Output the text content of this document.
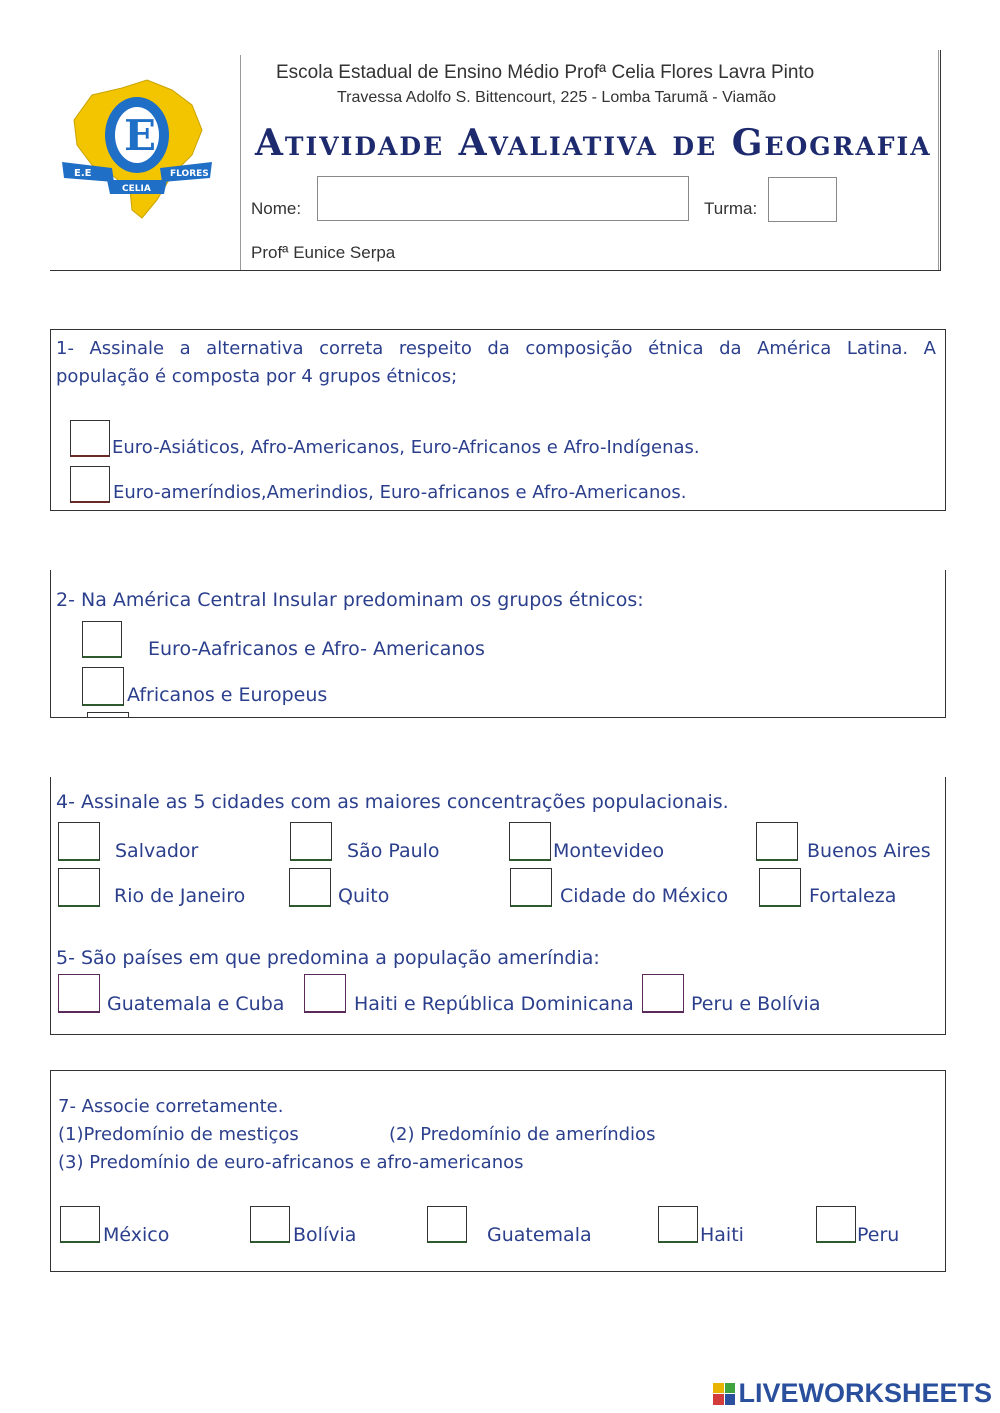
E
E.E	FLORES
CELIA
Escola Estadual de Ensino Médio Profª Celia Flores Lavra Pinto
Travessa Adolfo S. Bittencourt, 225 - Lomba Tarumã - Viamão
Atividade Avaliativa de Geografia
Nome:	Turma:
Profª Eunice Serpa
1- Assinale a alternativa correta respeito da composição étnica da América Latina. A
população é composta por 4 grupos étnicos;
Euro-Asiáticos, Afro-Americanos, Euro-Africanos e Afro-Indígenas.
Euro-ameríndios,Amerindios, Euro-africanos e Afro-Americanos.
2- Na América Central Insular predominam os grupos étnicos:
Euro-Aafricanos e Afro- Americanos
Africanos e Europeus
4- Assinale as 5 cidades com as maiores concentrações populacionais.
Salvador	São Paulo	Montevideo	Buenos Aires
Rio de Janeiro	Quito	Cidade do México	Fortaleza
5- São países em que predomina a população ameríndia:
Guatemala e Cuba	Haiti e República Dominicana	Peru e Bolívia
7- Associe corretamente.
(1)Predomínio de mestiços	(2) Predomínio de ameríndios
(3) Predomínio de euro-africanos e afro-americanos
México	Bolívia	Guatemala	Haiti	Peru
LIVEWORKSHEETS
